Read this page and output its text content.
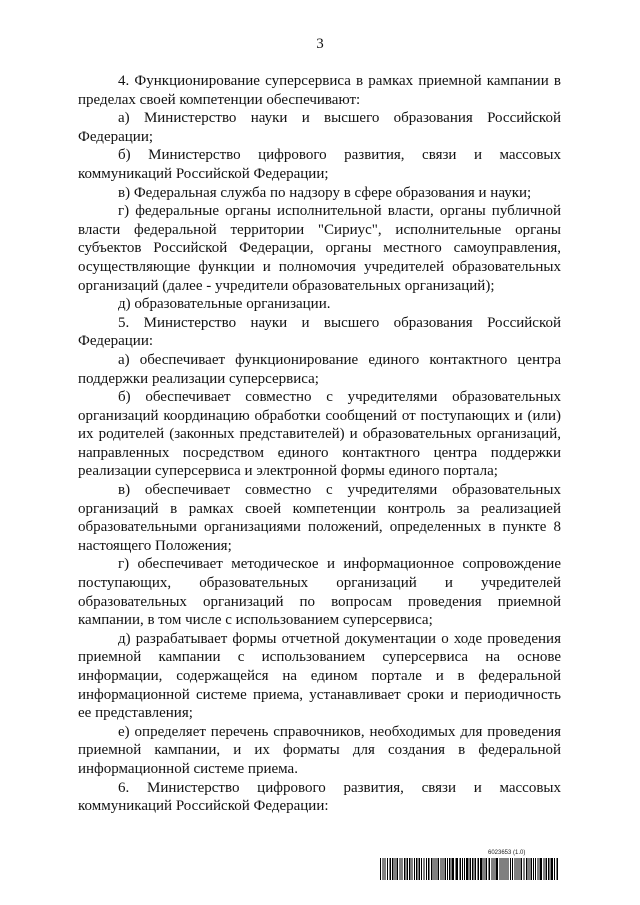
3

4. Функционирование суперсервиса в рамках приемной кампании в пределах своей компетенции обеспечивают:

а) Министерство науки и высшего образования Российской Федерации;

б) Министерство цифрового развития, связи и массовых коммуникаций Российской Федерации;

в) Федеральная служба по надзору в сфере образования и науки;

г) федеральные органы исполнительной власти, органы публичной власти федеральной территории "Сириус", исполнительные органы субъектов Российской Федерации, органы местного самоуправления, осуществляющие функции и полномочия учредителей образовательных организаций (далее - учредители образовательных организаций);

д) образовательные организации.

5. Министерство науки и высшего образования Российской Федерации:

а) обеспечивает функционирование единого контактного центра поддержки реализации суперсервиса;

б) обеспечивает совместно с учредителями образовательных организаций координацию обработки сообщений от поступающих и (или) их родителей (законных представителей) и образовательных организаций, направленных посредством единого контактного центра поддержки реализации суперсервиса и электронной формы единого портала;

в) обеспечивает совместно с учредителями образовательных организаций в рамках своей компетенции контроль за реализацией образовательными организациями положений, определенных в пункте 8 настоящего Положения;

г) обеспечивает методическое и информационное сопровождение поступающих, образовательных организаций и учредителей образовательных организаций по вопросам проведения приемной кампании, в том числе с использованием суперсервиса;

д) разрабатывает формы отчетной документации о ходе проведения приемной кампании с использованием суперсервиса на основе информации, содержащейся на едином портале и в федеральной информационной системе приема, устанавливает сроки и периодичность ее представления;

е) определяет перечень справочников, необходимых для проведения приемной кампании, и их форматы для создания в федеральной информационной системе приема.

6. Министерство цифрового развития, связи и массовых коммуникаций Российской Федерации:

6023653 (1.0)
